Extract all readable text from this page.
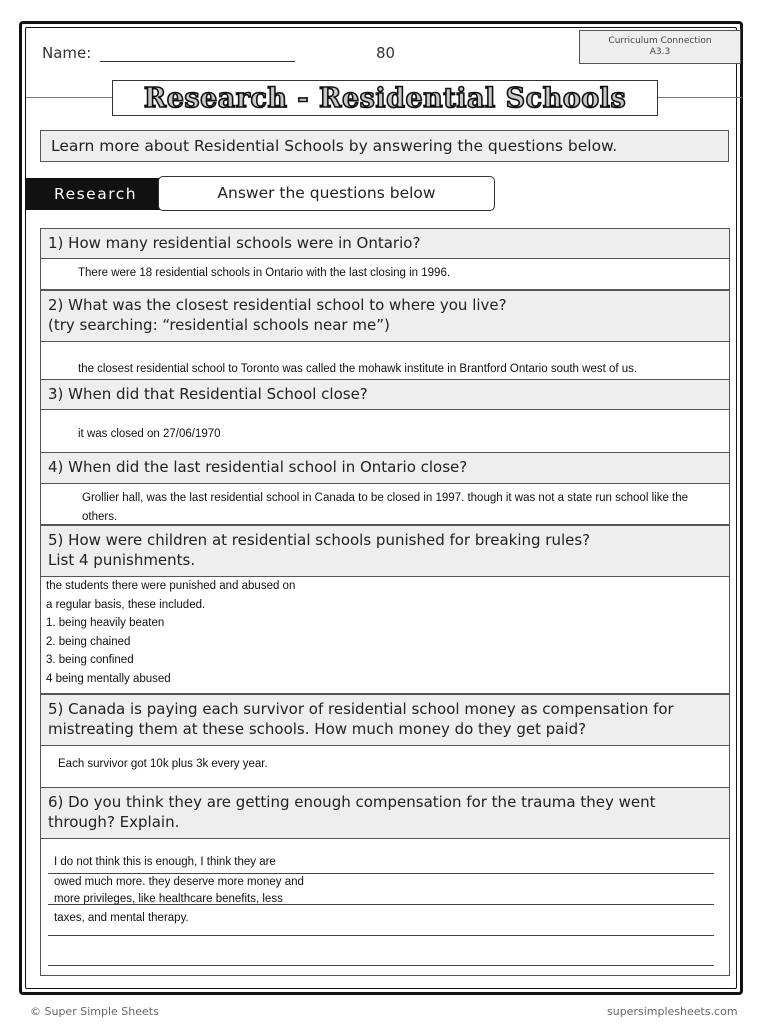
Name:	80
Curriculum Connection
A3.3
Research - Residential Schools
Learn more about Residential Schools by answering the questions below.
Research	Answer the questions below
1) How many residential schools were in Ontario?
There were 18 residential schools in Ontario with the last closing in 1996.
2) What was the closest residential school to where you live?
(try searching: “residential schools near me”)
the closest residential school to Toronto was called the mohawk institute in Brantford Ontario south west of us.
3) When did that Residential School close?
it was closed on 27/06/1970
4) When did the last residential school in Ontario close?
Grollier hall, was the last residential school in Canada to be closed in 1997. though it was not a state run school like the
others.
5) How were children at residential schools punished for breaking rules?
List 4 punishments.
the students there were punished and abused on
a regular basis, these included.
1. being heavily beaten
2. being chained
3. being confined
4 being mentally abused
5) Canada is paying each survivor of residential school money as compensation for
mistreating them at these schools. How much money do they get paid?
Each survivor got 10k plus 3k every year.
6) Do you think they are getting enough compensation for the trauma they went
through? Explain.
I do not think this is enough, I think they are
owed much more. they deserve more money and
more privileges, like healthcare benefits, less
taxes, and mental therapy.
© Super Simple Sheets	supersimplesheets.com
